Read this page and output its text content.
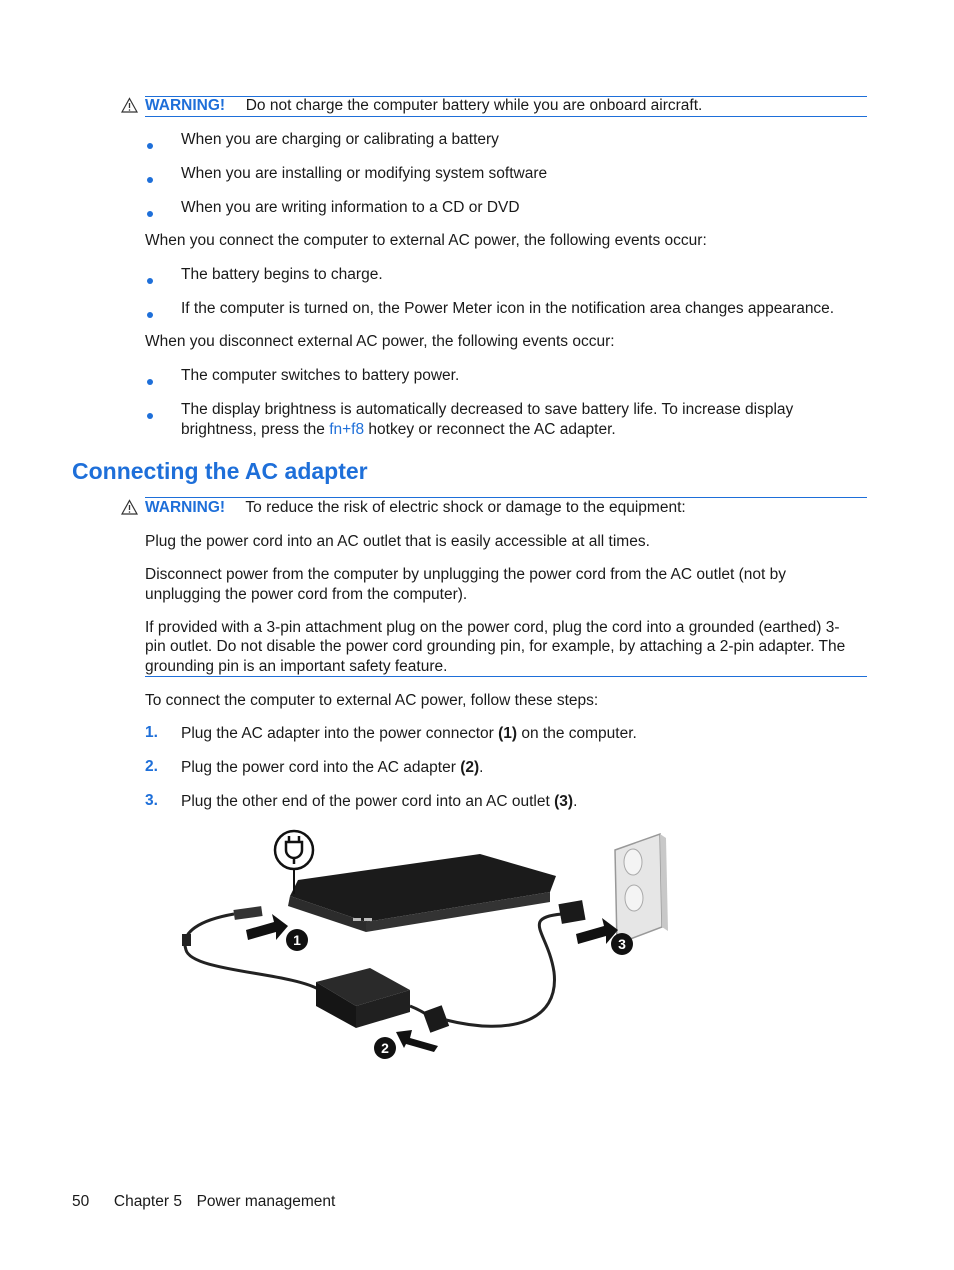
WARNING! Do not charge the computer battery while you are onboard aircraft.
When you are charging or calibrating a battery
When you are installing or modifying system software
When you are writing information to a CD or DVD
When you connect the computer to external AC power, the following events occur:
The battery begins to charge.
If the computer is turned on, the Power Meter icon in the notification area changes appearance.
When you disconnect external AC power, the following events occur:
The computer switches to battery power.
The display brightness is automatically decreased to save battery life. To increase display
brightness, press the fn+f8 hotkey or reconnect the AC adapter.
Connecting the AC adapter
WARNING! To reduce the risk of electric shock or damage to the equipment:
Plug the power cord into an AC outlet that is easily accessible at all times.
Disconnect power from the computer by unplugging the power cord from the AC outlet (not by
unplugging the power cord from the computer).
If provided with a 3-pin attachment plug on the power cord, plug the cord into a grounded (earthed) 3-
pin outlet. Do not disable the power cord grounding pin, for example, by attaching a 2-pin adapter. The
grounding pin is an important safety feature.
To connect the computer to external AC power, follow these steps:
1. Plug the AC adapter into the power connector (1) on the computer.
2. Plug the power cord into the AC adapter (2).
3. Plug the other end of the power cord into an AC outlet (3).
1
2
3
50 Chapter 5 Power management
